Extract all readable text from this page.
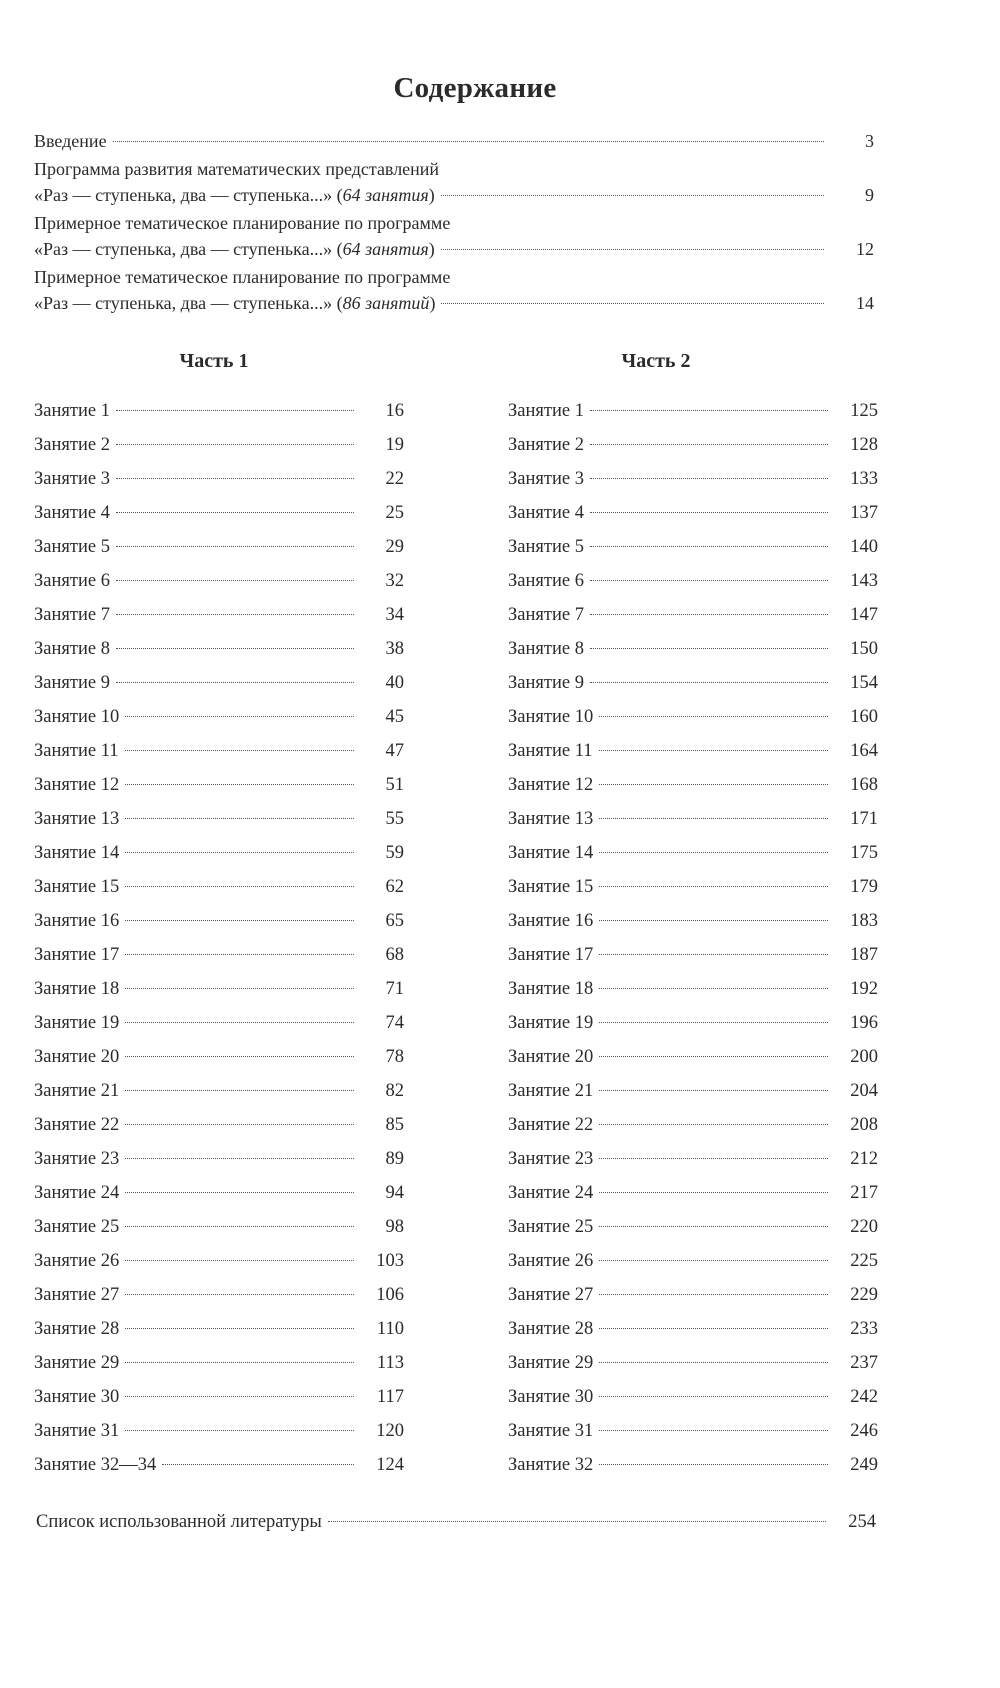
Содержание
Введение	3
Программа развития математических представлений
«Раз — ступенька, два — ступенька...» (64 занятия)	9
Примерное тематическое планирование по программе
«Раз — ступенька, два — ступенька...» (64 занятия)	12
Примерное тематическое планирование по программе
«Раз — ступенька, два — ступенька...» (86 занятий)	14
Часть 1	Часть 2
Занятие 1	16
Занятие 2	19
Занятие 3	22
Занятие 4	25
Занятие 5	29
Занятие 6	32
Занятие 7	34
Занятие 8	38
Занятие 9	40
Занятие 10	45
Занятие 11	47
Занятие 12	51
Занятие 13	55
Занятие 14	59
Занятие 15	62
Занятие 16	65
Занятие 17	68
Занятие 18	71
Занятие 19	74
Занятие 20	78
Занятие 21	82
Занятие 22	85
Занятие 23	89
Занятие 24	94
Занятие 25	98
Занятие 26	103
Занятие 27	106
Занятие 28	110
Занятие 29	113
Занятие 30	117
Занятие 31	120
Занятие 32—34	124
Занятие 1	125
Занятие 2	128
Занятие 3	133
Занятие 4	137
Занятие 5	140
Занятие 6	143
Занятие 7	147
Занятие 8	150
Занятие 9	154
Занятие 10	160
Занятие 11	164
Занятие 12	168
Занятие 13	171
Занятие 14	175
Занятие 15	179
Занятие 16	183
Занятие 17	187
Занятие 18	192
Занятие 19	196
Занятие 20	200
Занятие 21	204
Занятие 22	208
Занятие 23	212
Занятие 24	217
Занятие 25	220
Занятие 26	225
Занятие 27	229
Занятие 28	233
Занятие 29	237
Занятие 30	242
Занятие 31	246
Занятие 32	249
Список использованной литературы	254
